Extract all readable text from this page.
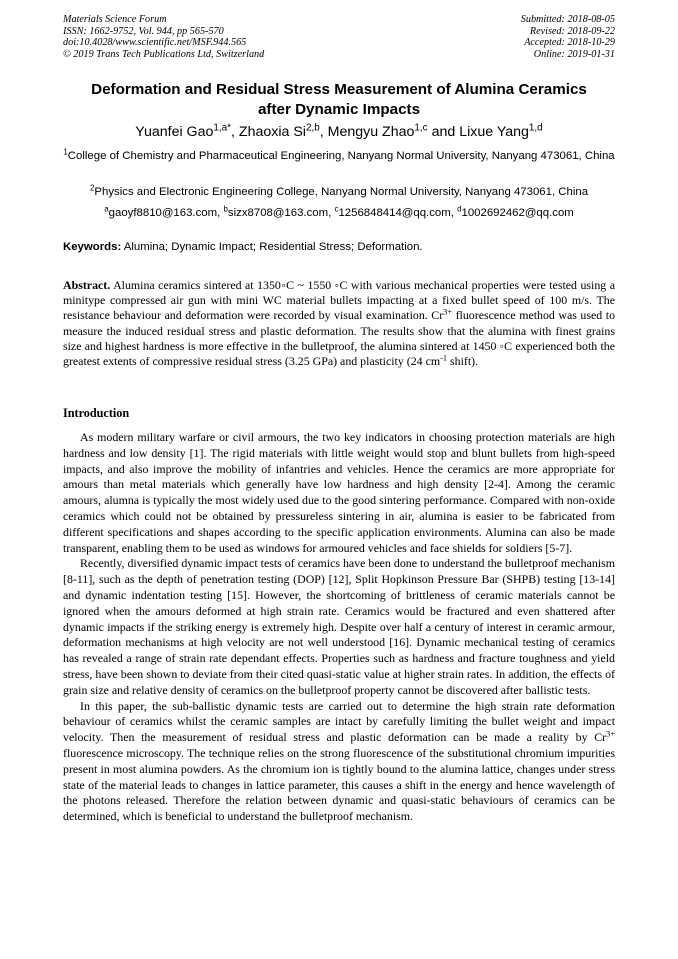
Materials Science Forum
ISSN: 1662-9752, Vol. 944, pp 565-570
doi:10.4028/www.scientific.net/MSF.944.565
© 2019 Trans Tech Publications Ltd, Switzerland
Submitted: 2018-08-05
Revised: 2018-09-22
Accepted: 2018-10-29
Online: 2019-01-31
Deformation and Residual Stress Measurement of Alumina Ceramics
after Dynamic Impacts
Yuanfei Gao$^{1,a*}$, Zhaoxia Si$^{2,b}$, Mengyu Zhao$^{1,c}$ and Lixue Yang$^{1,d}$
$^1$College of Chemistry and Pharmaceutical Engineering, Nanyang Normal University, Nanyang 473061, China
$^2$Physics and Electronic Engineering College, Nanyang Normal University, Nanyang 473061, China
$^a$gaoyf8810@163.com, $^b$sizx8708@163.com, $^c$1256848414@qq.com, $^d$1002692462@qq.com
Keywords: Alumina; Dynamic Impact; Residential Stress; Deformation.

Abstract. Alumina ceramics sintered at 1350◦C ~ 1550 ◦C with various mechanical properties were tested using a minitype compressed air gun with mini WC material bullets impacting at a fixed bullet speed of 100 m/s. The resistance behaviour and deformation were recorded by visual examination. $Cr^{3+}$ fluorescence method was used to measure the induced residual stress and plastic deformation. The results show that the alumina with finest grains size and highest hardness is more effective in the bulletproof, the alumina sintered at 1450 ◦C experienced both the greatest extents of compressive residual stress (3.25 GPa) and plasticity (24 $cm^{-1}$ shift).

Introduction

As modern military warfare or civil armours, the two key indicators in choosing protection materials are high hardness and low density [1]. The rigid materials with little weight would stop and blunt bullets from high-speed impacts, and also improve the mobility of infantries and vehicles. Hence the ceramics are more appropriate for amours than metal materials which generally have low hardness and high density [2-4]. Among the ceramic amours, alumna is typically the most widely used due to the good sintering performance. Compared with non-oxide ceramics which could not be obtained by pressureless sintering in air, alumina is easier to be fabricated from different specifications and shapes according to the specific application environments. Alumina can also be made transparent, enabling them to be used as windows for armoured vehicles and face shields for soldiers [5-7].

Recently, diversified dynamic impact tests of ceramics have been done to understand the bulletproof mechanism [8-11], such as the depth of penetration testing (DOP) [12], Split Hopkinson Pressure Bar (SHPB) testing [13-14] and dynamic indentation testing [15]. However, the shortcoming of brittleness of ceramic materials cannot be ignored when the amours deformed at high strain rate. Ceramics would be fractured and even shattered after dynamic impacts if the striking energy is extremely high. Despite over half a century of interest in ceramic armour, deformation mechanisms at high velocity are not well understood [16]. Dynamic mechanical testing of ceramics has revealed a range of strain rate dependant effects. Properties such as hardness and fracture toughness and yield stress, have been shown to deviate from their cited quasi-static value at higher strain rates. In addition, the effects of grain size and relative density of ceramics on the bulletproof property cannot be discovered after ballistic tests.

In this paper, the sub-ballistic dynamic tests are carried out to determine the high strain rate deformation behaviour of ceramics whilst the ceramic samples are intact by carefully limiting the bullet weight and impact velocity. Then the measurement of residual stress and plastic deformation can be made a reality by $Cr^{3+}$ fluorescence microscopy. The technique relies on the strong fluorescence of the substitutional chromium impurities present in most alumina powders. As the chromium ion is tightly bound to the alumina lattice, changes under stress state of the material leads to changes in lattice parameter, this causes a shift in the energy and hence wavelength of the photons released. Therefore the relation between dynamic and quasi-static behaviours of ceramics can be determined, which is beneficial to understand the bulletproof mechanism.
